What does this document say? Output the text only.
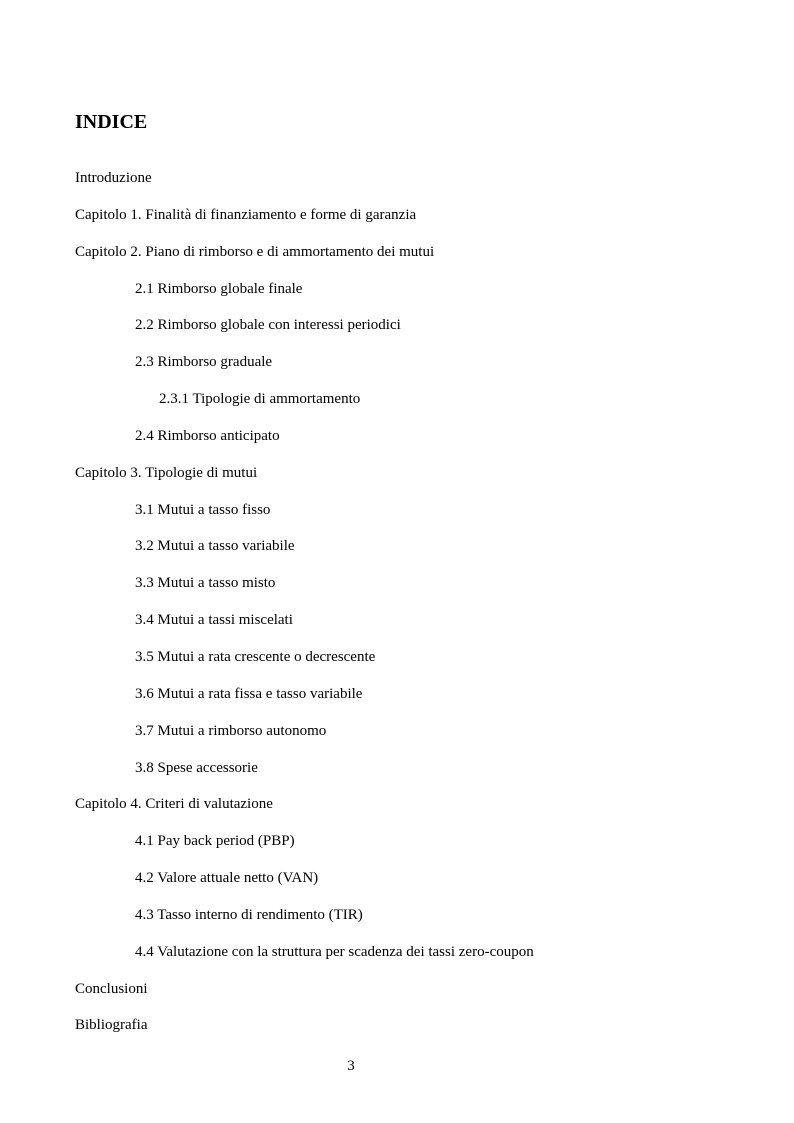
INDICE
Introduzione
Capitolo 1. Finalità di finanziamento e forme di garanzia
Capitolo 2. Piano di rimborso e di ammortamento dei mutui
2.1 Rimborso globale finale
2.2 Rimborso globale con interessi periodici
2.3 Rimborso graduale
2.3.1 Tipologie di ammortamento
2.4 Rimborso anticipato
Capitolo 3. Tipologie di mutui
3.1 Mutui a tasso fisso
3.2 Mutui a tasso variabile
3.3 Mutui a tasso misto
3.4 Mutui a tassi miscelati
3.5 Mutui a rata crescente o decrescente
3.6 Mutui a rata fissa e tasso variabile
3.7 Mutui a rimborso autonomo
3.8 Spese accessorie
Capitolo 4. Criteri di valutazione
4.1 Pay back period (PBP)
4.2 Valore attuale netto (VAN)
4.3 Tasso interno di rendimento (TIR)
4.4 Valutazione con la struttura per scadenza dei tassi zero-coupon
Conclusioni
Bibliografia
3
